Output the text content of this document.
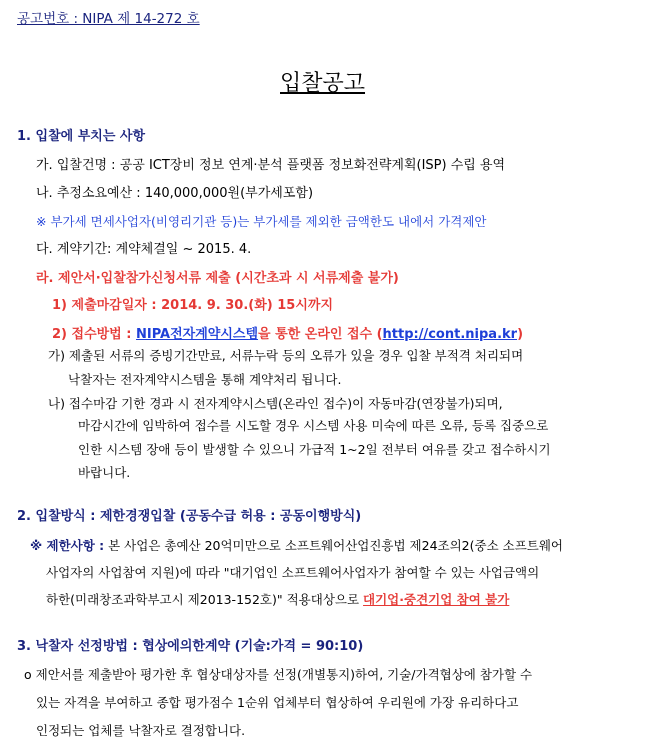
공고번호 : NIPA 제 14-272 호
입찰공고
1. 입찰에 부치는 사항
가. 입찰건명 : 공공 ICT장비 정보 연계·분석 플랫폼 정보화전략계획(ISP) 수립 용역
나. 추정소요예산 : 140,000,000원(부가세포함)
※ 부가세 면세사업자(비영리기관 등)는 부가세를 제외한 금액한도 내에서 가격제안
다. 계약기간: 계약체결일 ~ 2015. 4.
라. 제안서·입찰참가신청서류 제출 (시간초과 시 서류제출 불가)
1) 제출마감일자 : 2014. 9. 30.(화) 15시까지
2) 접수방법 : NIPA전자계약시스템을 통한 온라인 접수 (http://cont.nipa.kr)
가) 제출된 서류의 증빙기간만료, 서류누락 등의 오류가 있을 경우 입찰 부적격 처리되며
낙찰자는 전자계약시스템을 통해 계약처리 됩니다.
나) 접수마감 기한 경과 시 전자계약시스템(온라인 접수)이 자동마감(연장불가)되며,
마감시간에 임박하여 접수를 시도할 경우 시스템 사용 미숙에 따른 오류, 등록 집중으로
인한 시스템 장애 등이 발생할 수 있으니 가급적 1~2일 전부터 여유를 갖고 접수하시기
바랍니다.
2. 입찰방식 : 제한경쟁입찰 (공동수급 허용 : 공동이행방식)
※ 제한사항 : 본 사업은 총예산 20억미만으로 소프트웨어산업진흥법 제24조의2(중소 소프트웨어
사업자의 사업참여 지원)에 따라 "대기업인 소프트웨어사업자가 참여할 수 있는 사업금액의
하한(미래창조과학부고시 제2013-152호)" 적용대상으로 대기업·중견기업 참여 불가
3. 낙찰자 선정방법 : 협상에의한계약 (기술:가격 = 90:10)
o 제안서를 제출받아 평가한 후 협상대상자를 선정(개별통지)하여, 기술/가격협상에 참가할 수
있는 자격을 부여하고 종합 평가점수 1순위 업체부터 협상하여 우리원에 가장 유리하다고
인정되는 업체를 낙찰자로 결정합니다.
